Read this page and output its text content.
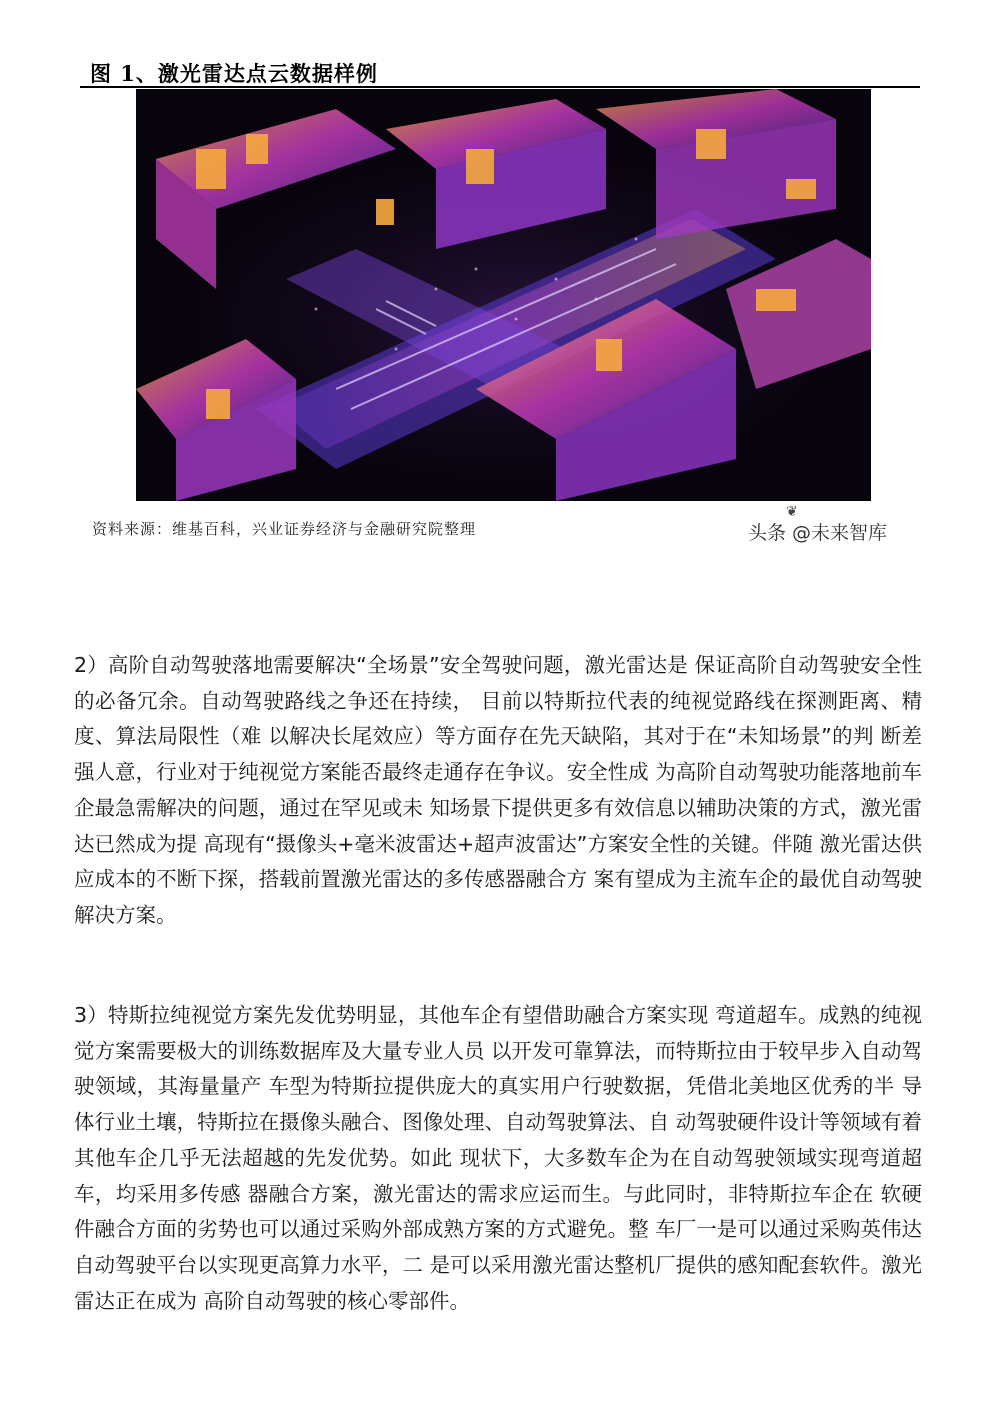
图 1、激光雷达点云数据样例
资料来源：维基百科，兴业证券经济与金融研究院整理
❦
头条 @未来智库

2）高阶自动驾驶落地需要解决“全场景”安全驾驶问题，激光雷达是 保证高阶自动驾驶安全性的必备冗余。自动驾驶路线之争还在持续， 目前以特斯拉代表的纯视觉路线在探测距离、精度、算法局限性（难 以解决长尾效应）等方面存在先天缺陷，其对于在“未知场景”的判 断差强人意，行业对于纯视觉方案能否最终走通存在争议。安全性成 为高阶自动驾驶功能落地前车企最急需解决的问题，通过在罕见或未 知场景下提供更多有效信息以辅助决策的方式，激光雷达已然成为提 高现有“摄像头+毫米波雷达+超声波雷达”方案安全性的关键。伴随 激光雷达供应成本的不断下探，搭载前置激光雷达的多传感器融合方 案有望成为主流车企的最优自动驾驶解决方案。

3）特斯拉纯视觉方案先发优势明显，其他车企有望借助融合方案实现 弯道超车。成熟的纯视觉方案需要极大的训练数据库及大量专业人员 以开发可靠算法，而特斯拉由于较早步入自动驾驶领域，其海量量产 车型为特斯拉提供庞大的真实用户行驶数据，凭借北美地区优秀的半 导体行业土壤，特斯拉在摄像头融合、图像处理、自动驾驶算法、自 动驾驶硬件设计等领域有着其他车企几乎无法超越的先发优势。如此 现状下，大多数车企为在自动驾驶领域实现弯道超车，均采用多传感 器融合方案，激光雷达的需求应运而生。与此同时，非特斯拉车企在 软硬件融合方面的劣势也可以通过采购外部成熟方案的方式避免。整 车厂一是可以通过采购英伟达自动驾驶平台以实现更高算力水平，二 是可以采用激光雷达整机厂提供的感知配套软件。激光雷达正在成为 高阶自动驾驶的核心零部件。
